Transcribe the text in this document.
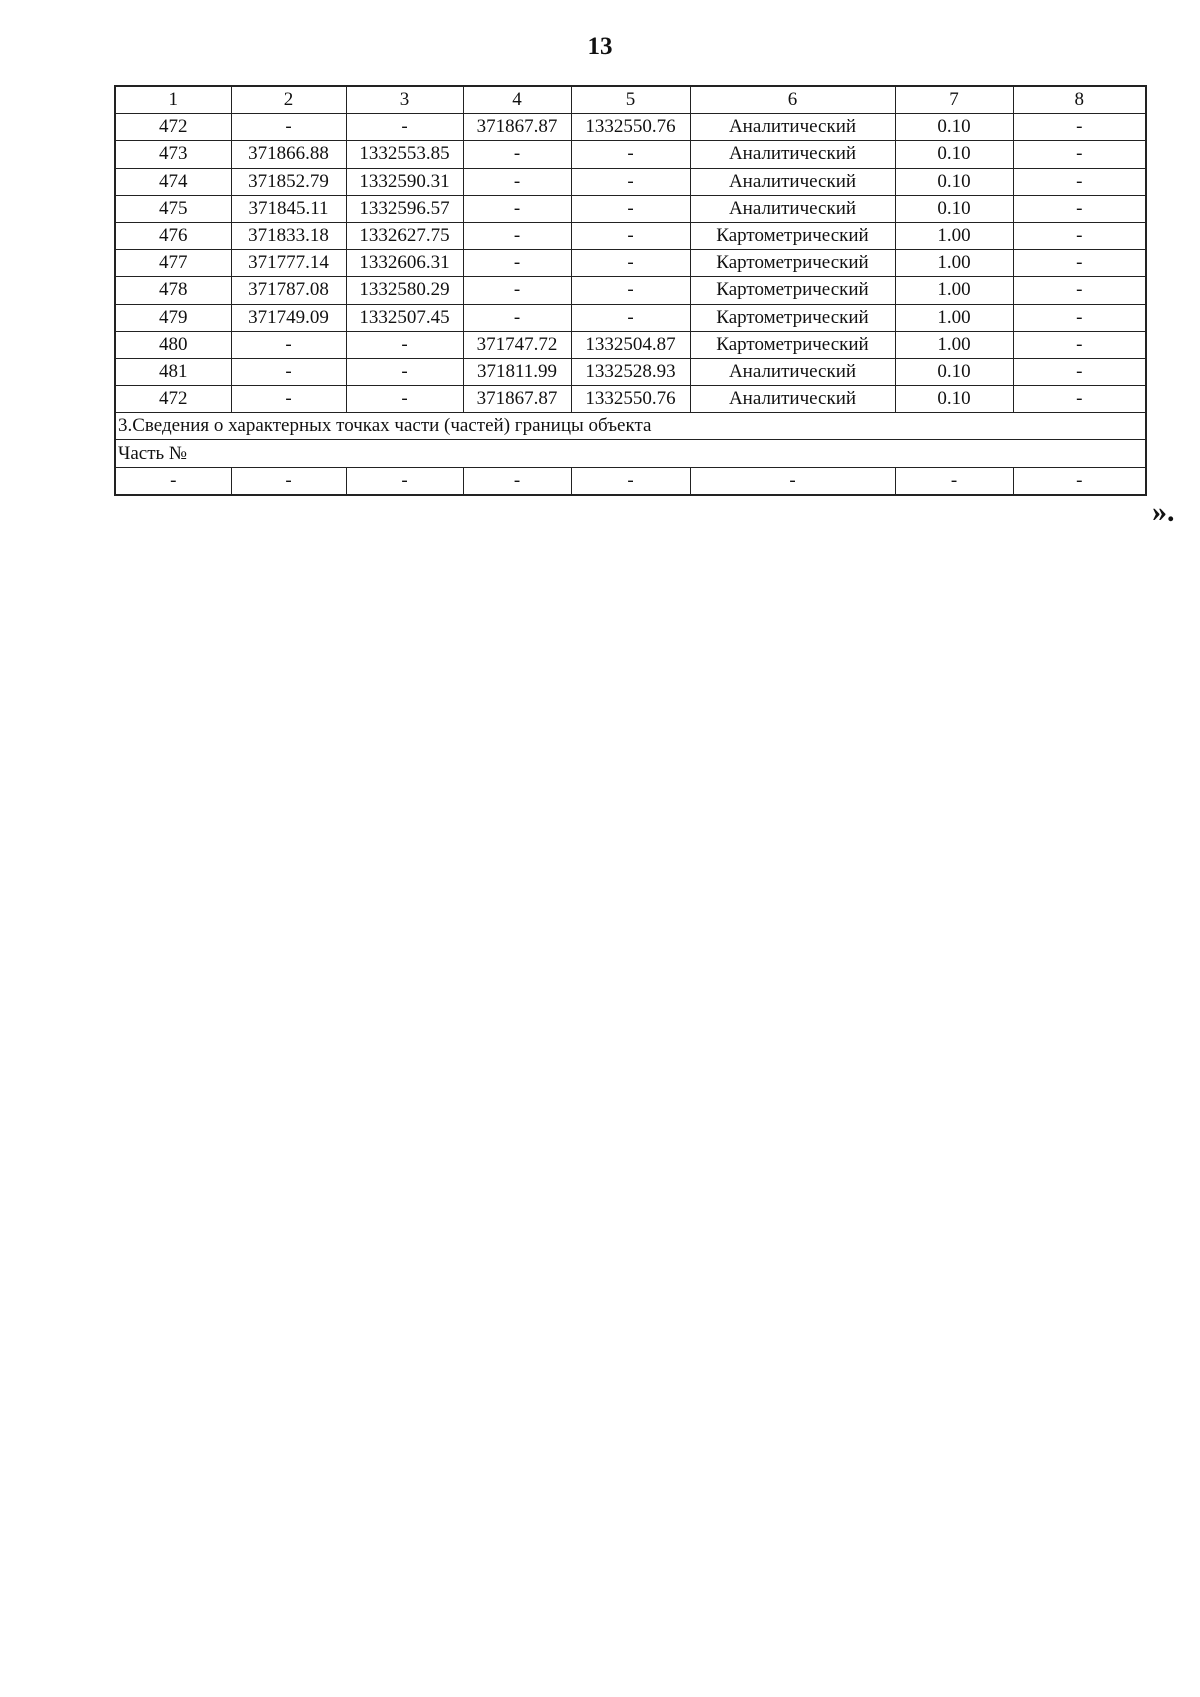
13
1	2	3	4	5	6	7	8
472	-	-	371867.87	1332550.76	Аналитический	0.10	-
473	371866.88	1332553.85	-	-	Аналитический	0.10	-
474	371852.79	1332590.31	-	-	Аналитический	0.10	-
475	371845.11	1332596.57	-	-	Аналитический	0.10	-
476	371833.18	1332627.75	-	-	Картометрический	1.00	-
477	371777.14	1332606.31	-	-	Картометрический	1.00	-
478	371787.08	1332580.29	-	-	Картометрический	1.00	-
479	371749.09	1332507.45	-	-	Картометрический	1.00	-
480	-	-	371747.72	1332504.87	Картометрический	1.00	-
481	-	-	371811.99	1332528.93	Аналитический	0.10	-
472	-	-	371867.87	1332550.76	Аналитический	0.10	-
3.Сведения о характерных точках части (частей) границы объекта							
Часть №							
-	-	-	-	-	-	-	-
».
